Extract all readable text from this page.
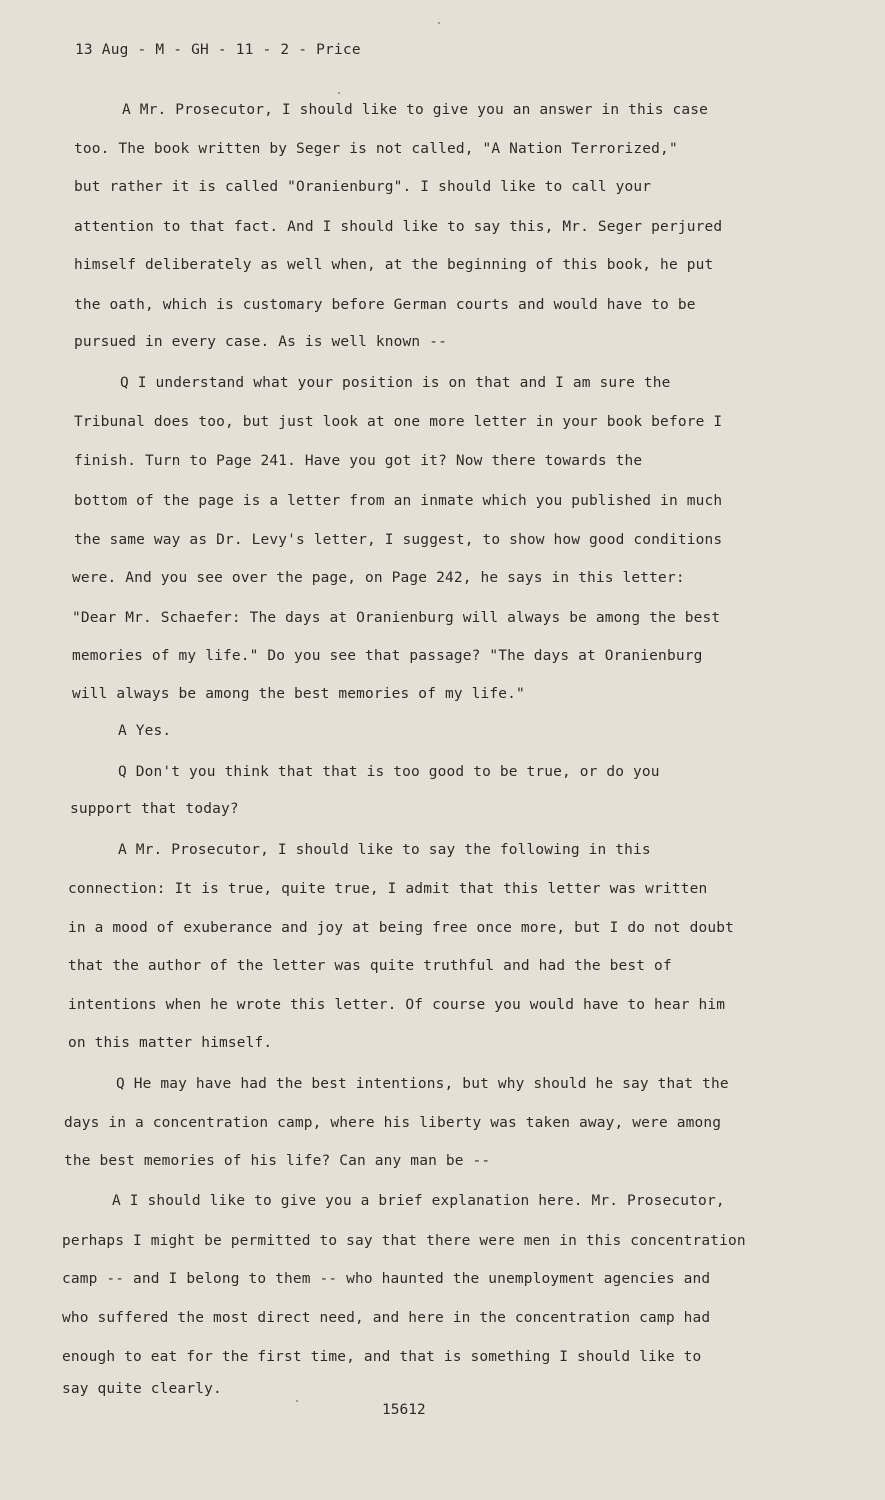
13 Aug - M - GH - 11 - 2 - Price
A Mr. Prosecutor, I should like to give you an answer in this case
too. The book written by Seger is not called, "A Nation Terrorized,"
but rather it is called "Oranienburg". I should like to call your
attention to that fact. And I should like to say this, Mr. Seger perjured
himself deliberately as well when, at the beginning of this book, he put
the oath, which is customary before German courts and would have to be
pursued in every case. As is well known --
Q I understand what your position is on that and I am sure the
Tribunal does too, but just look at one more letter in your book before I
finish. Turn to Page 241. Have you got it? Now there towards the
bottom of the page is a letter from an inmate which you published in much
the same way as Dr. Levy's letter, I suggest, to show how good conditions
were. And you see over the page, on Page 242, he says in this letter:
"Dear Mr. Schaefer: The days at Oranienburg will always be among the best
memories of my life." Do you see that passage? "The days at Oranienburg
will always be among the best memories of my life."
A Yes.
Q Don't you think that that is too good to be true, or do you
support that today?
A Mr. Prosecutor, I should like to say the following in this
connection: It is true, quite true, I admit that this letter was written
in a mood of exuberance and joy at being free once more, but I do not doubt
that the author of the letter was quite truthful and had the best of
intentions when he wrote this letter. Of course you would have to hear him
on this matter himself.
Q He may have had the best intentions, but why should he say that the
days in a concentration camp, where his liberty was taken away, were among
the best memories of his life? Can any man be --
A I should like to give you a brief explanation here. Mr. Prosecutor,
perhaps I might be permitted to say that there were men in this concentration
camp -- and I belong to them -- who haunted the unemployment agencies and
who suffered the most direct need, and here in the concentration camp had
enough to eat for the first time, and that is something I should like to
say quite clearly.
15612
